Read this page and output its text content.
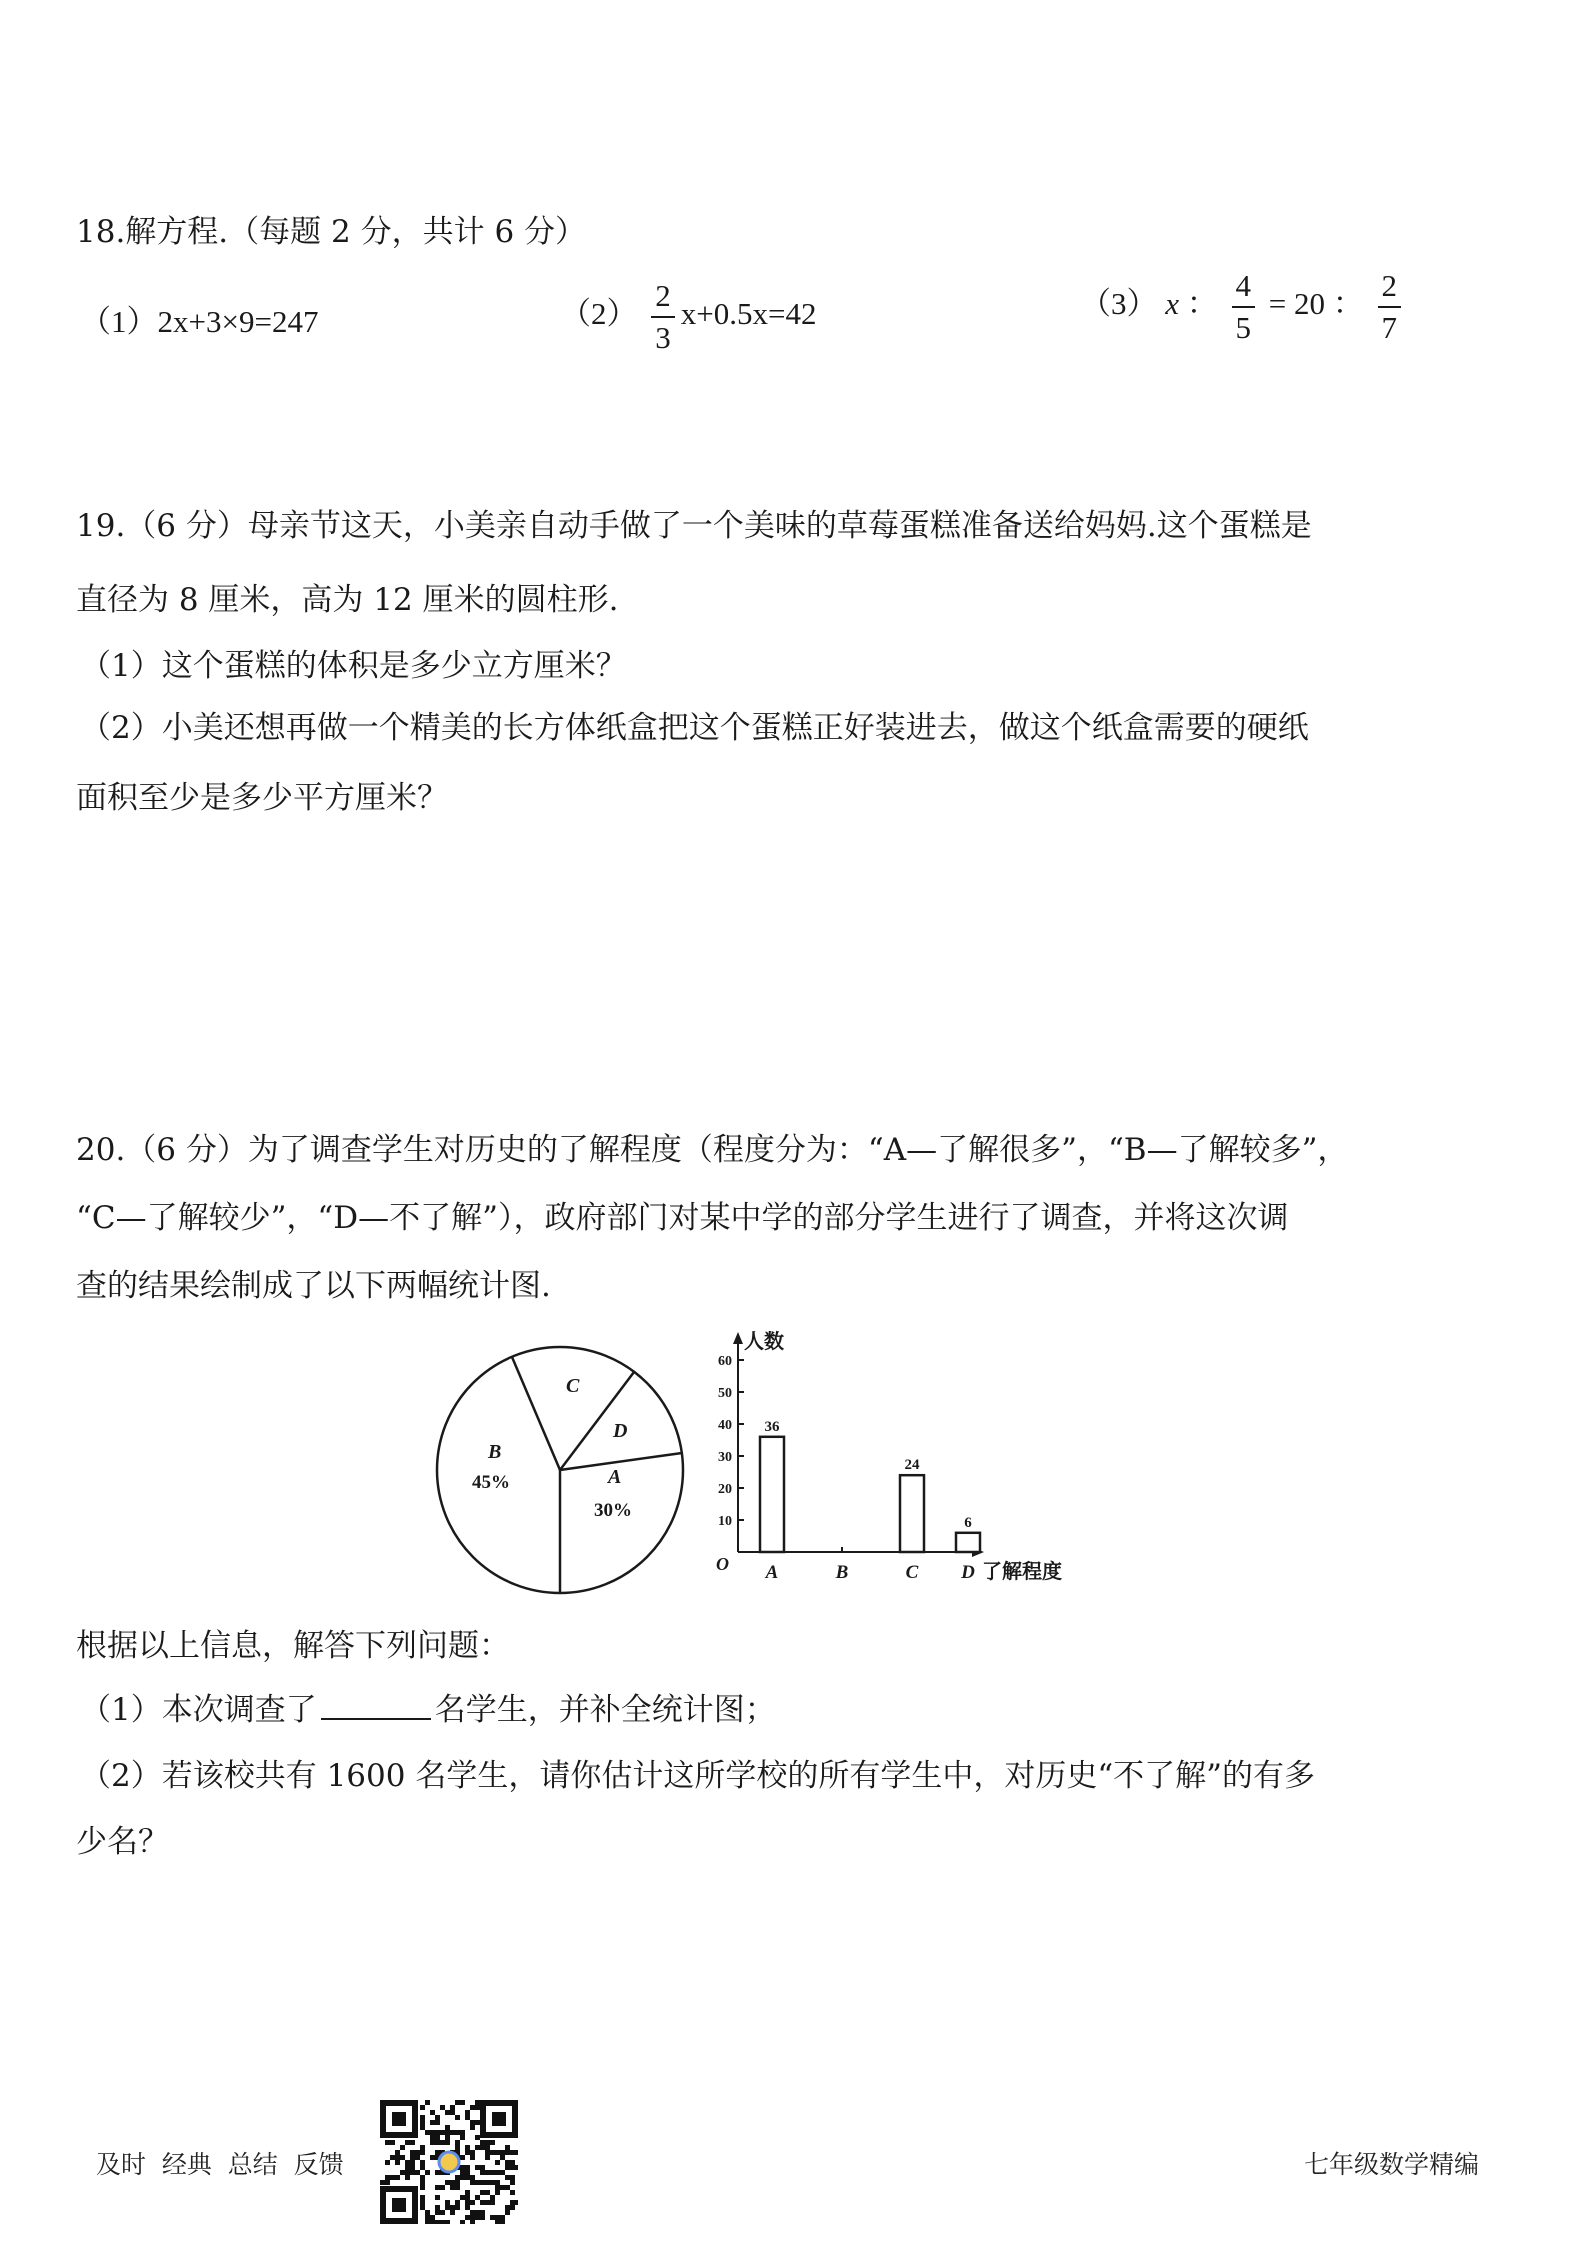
18.解方程.（每题 2 分，共计 6 分）
（1）2x+3×9=247	$(2) \frac{2}{3} x+0.5x=42$	（3） x ： $\frac{4}{5} = 20$ ： $\frac{2}{7}$
19.（6 分）母亲节这天，小美亲自动手做了一个美味的草莓蛋糕准备送给妈妈.这个蛋糕是
直径为 8 厘米，高为 12 厘米的圆柱形.
（1）这个蛋糕的体积是多少立方厘米？
（2）小美还想再做一个精美的长方体纸盒把这个蛋糕正好装进去，做这个纸盒需要的硬纸
面积至少是多少平方厘米？
20.（6 分）为了调查学生对历史的了解程度（程度分为：“A—了解很多”，“B—了解较多”，
“C—了解较少”，“D—不了解”），政府部门对某中学的部分学生进行了调查，并将这次调
查的结果绘制成了以下两幅统计图.
C
D
B
45%	A
30%
人数
了解程度
O
10
20
30
40
50
60
A
36
B	C
24
D
6
根据以上信息，解答下列问题：
（1）本次调查了	名学生，并补全统计图；
（2）若该校共有 1600 名学生，请你估计这所学校的所有学生中，对历史“不了解”的有多
少名？
及时  经典  总结  反馈	七年级数学精编
